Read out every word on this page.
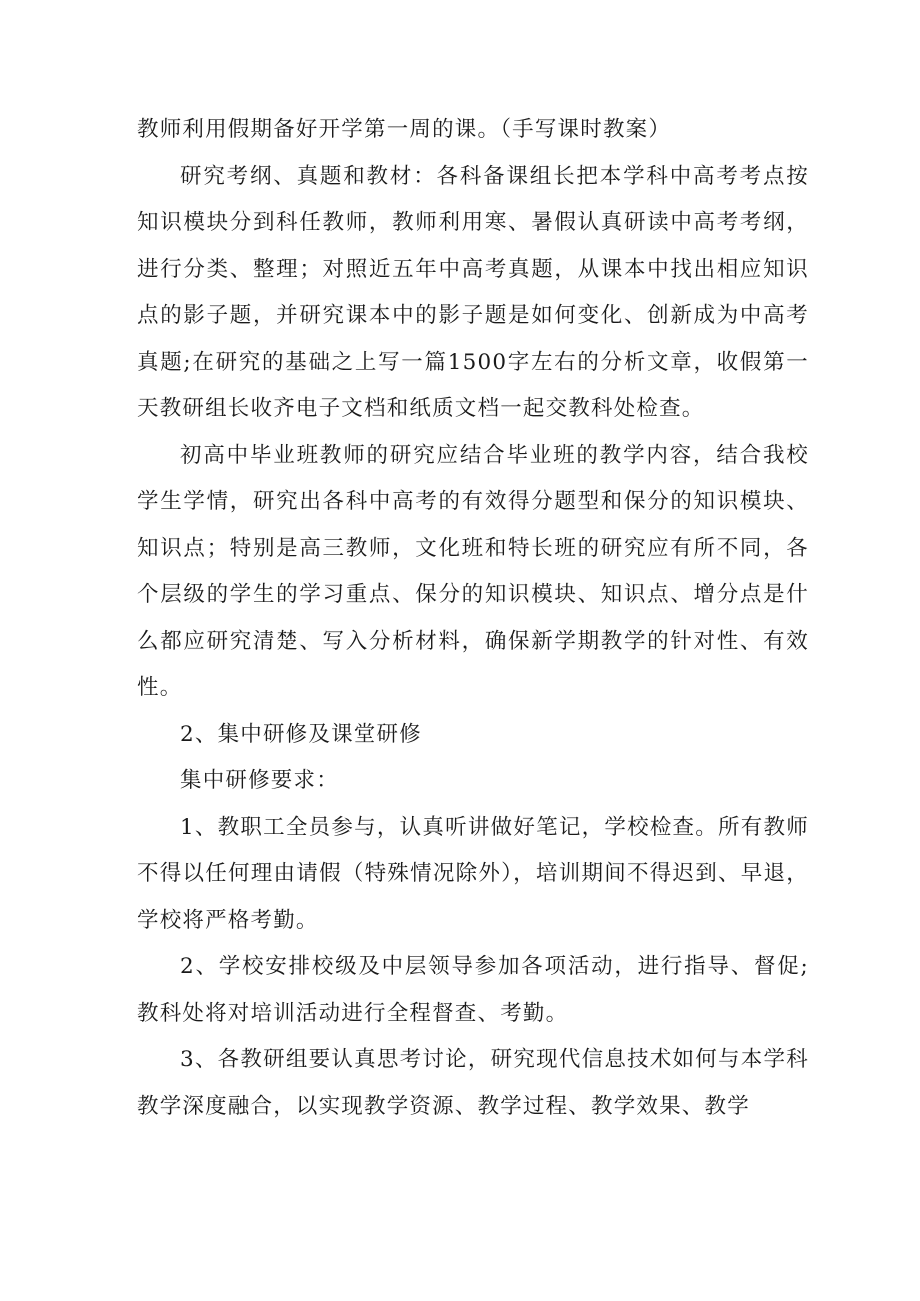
教师利用假期备好开学第一周的课。（手写课时教案）

研究考纲、真题和教材：各科备课组长把本学科中高考考点按知识模块分到科任教师，教师利用寒、暑假认真研读中高考考纲，进行分类、整理；对照近五年中高考真题，从课本中找出相应知识点的影子题，并研究课本中的影子题是如何变化、创新成为中高考真题;在研究的基础之上写一篇1500字左右的分析文章，收假第一天教研组长收齐电子文档和纸质文档一起交教科处检查。

初高中毕业班教师的研究应结合毕业班的教学内容，结合我校学生学情，研究出各科中高考的有效得分题型和保分的知识模块、知识点；特别是高三教师，文化班和特长班的研究应有所不同，各个层级的学生的学习重点、保分的知识模块、知识点、增分点是什么都应研究清楚、写入分析材料，确保新学期教学的针对性、有效性。

2、集中研修及课堂研修

集中研修要求：

1、教职工全员参与，认真听讲做好笔记，学校检查。所有教师不得以任何理由请假（特殊情况除外），培训期间不得迟到、早退，学校将严格考勤。

2、学校安排校级及中层领导参加各项活动，进行指导、督促;教科处将对培训活动进行全程督查、考勤。

3、各教研组要认真思考讨论，研究现代信息技术如何与本学科教学深度融合，以实现教学资源、教学过程、教学效果、教学
